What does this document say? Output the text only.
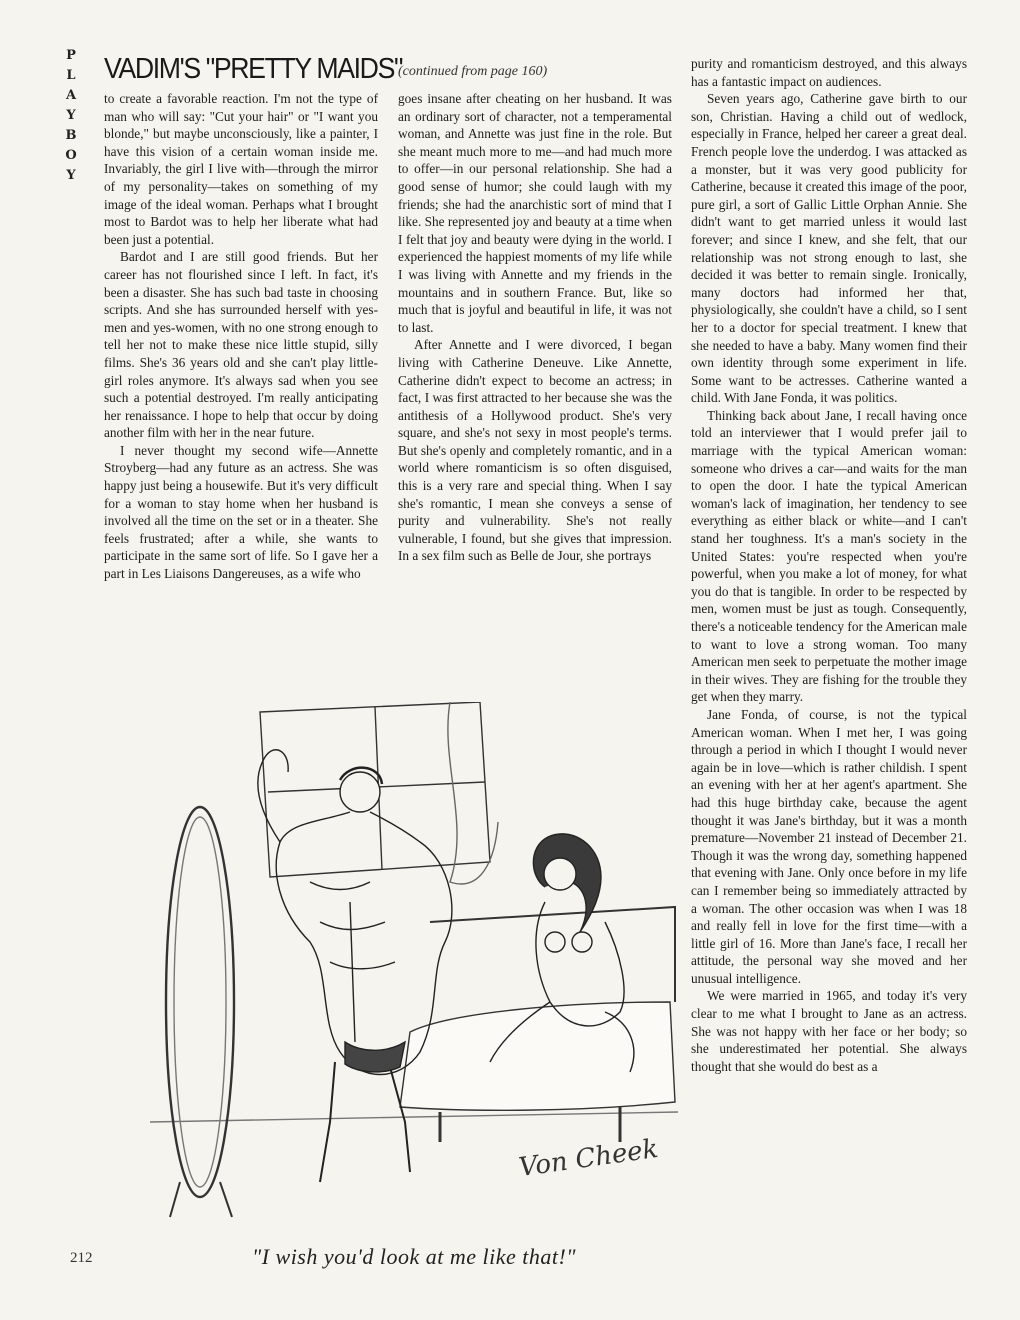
P
L
A
Y
B
O
Y
VADIM'S "PRETTY MAIDS"
(continued from page 160)

to create a favorable reaction. I'm not the type of man who will say: "Cut your hair" or "I want you blonde," but maybe unconsciously, like a painter, I have this vision of a certain woman inside me. Invariably, the girl I live with—through the mirror of my personality—takes on something of my image of the ideal woman. Perhaps what I brought most to Bardot was to help her liberate what had been just a potential.

Bardot and I are still good friends. But her career has not flourished since I left. In fact, it's been a disaster. She has such bad taste in choosing scripts. And she has surrounded herself with yes-men and yes-women, with no one strong enough to tell her not to make these nice little stupid, silly films. She's 36 years old and she can't play little-girl roles anymore. It's always sad when you see such a potential destroyed. I'm really anticipating her renaissance. I hope to help that occur by doing another film with her in the near future.

I never thought my second wife—Annette Stroyberg—had any future as an actress. She was happy just being a housewife. But it's very difficult for a woman to stay home when her husband is involved all the time on the set or in a theater. She feels frustrated; after a while, she wants to participate in the same sort of life. So I gave her a part in Les Liaisons Dangereuses, as a wife who

goes insane after cheating on her husband. It was an ordinary sort of character, not a temperamental woman, and Annette was just fine in the role. But she meant much more to me—and had much more to offer—in our personal relationship. She had a good sense of humor; she could laugh with my friends; she had the anarchistic sort of mind that I like. She represented joy and beauty at a time when I felt that joy and beauty were dying in the world. I experienced the happiest moments of my life while I was living with Annette and my friends in the mountains and in southern France. But, like so much that is joyful and beautiful in life, it was not to last.

After Annette and I were divorced, I began living with Catherine Deneuve. Like Annette, Catherine didn't expect to become an actress; in fact, I was first attracted to her because she was the antithesis of a Hollywood product. She's very square, and she's not sexy in most people's terms. But she's openly and completely romantic, and in a world where romanticism is so often disguised, this is a very rare and special thing. When I say she's romantic, I mean she conveys a sense of purity and vulnerability. She's not really vulnerable, I found, but she gives that impression. In a sex film such as Belle de Jour, she portrays

purity and romanticism destroyed, and this always has a fantastic impact on audiences.

Seven years ago, Catherine gave birth to our son, Christian. Having a child out of wedlock, especially in France, helped her career a great deal. French people love the underdog. I was attacked as a monster, but it was very good publicity for Catherine, because it created this image of the poor, pure girl, a sort of Gallic Little Orphan Annie. She didn't want to get married unless it would last forever; and since I knew, and she felt, that our relationship was not strong enough to last, she decided it was better to remain single. Ironically, many doctors had informed her that, physiologically, she couldn't have a child, so I sent her to a doctor for special treatment. I knew that she needed to have a baby. Many women find their own identity through some experiment in life. Some want to be actresses. Catherine wanted a child. With Jane Fonda, it was politics.

Thinking back about Jane, I recall having once told an interviewer that I would prefer jail to marriage with the typical American woman: someone who drives a car—and waits for the man to open the door. I hate the typical American woman's lack of imagination, her tendency to see everything as either black or white—and I can't stand her toughness. It's a man's society in the United States: you're respected when you're powerful, when you make a lot of money, for what you do that is tangible. In order to be respected by men, women must be just as tough. Consequently, there's a noticeable tendency for the American male to want to love a strong woman. Too many American men seek to perpetuate the mother image in their wives. They are fishing for the trouble they get when they marry.

Jane Fonda, of course, is not the typical American woman. When I met her, I was going through a period in which I thought I would never again be in love—which is rather childish. I spent an evening with her at her agent's apartment. She had this huge birthday cake, because the agent thought it was Jane's birthday, but it was a month premature—November 21 instead of December 21. Though it was the wrong day, something happened that evening with Jane. Only once before in my life can I remember being so immediately attracted by a woman. The other occasion was when I was 18 and really fell in love for the first time—with a little girl of 16. More than Jane's face, I recall her attitude, the personal way she moved and her unusual intelligence.

We were married in 1965, and today it's very clear to me what I brought to Jane as an actress. She was not happy with her face or her body; so she underestimated her potential. She always thought that she would do best as a

Von Cheek
"I wish you'd look at me like that!"
212
